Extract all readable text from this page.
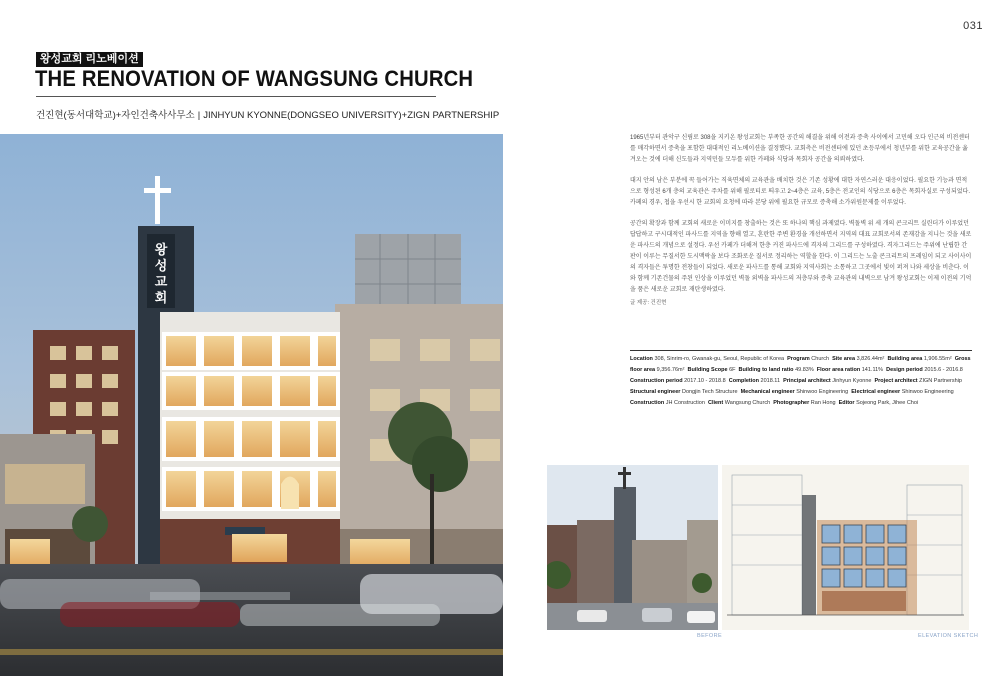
031
왕성교회 리노베이션
THE RENOVATION OF WANGSUNG CHURCH
건진현(동서대학교)+자인건축사사무소 | JINHYUN KYONNE(DONGSEO UNIVERSITY)+ZIGN PARTNERSHIP
왕
성
교
회

1965년부터 관악구 신림로 308을 지키온 왕성교회는 부족한 공간의 해결을 위해 이전과 증축 사이에서 고민해 오다 인근의 비전센터를 매각하면서 증축을 포함한 대대적인 리노베이션을 결정했다. 교회측은 비전센터에 있던 초등부에서 청년부를 위한 교육공간을 옮겨오는 것에 더해 신도들과 지역민들 모두를 위한 카페와 식당과 목회자 공간을 의뢰하였다.

대지 안의 남은 부분에 꼭 들어가는 직육면체의 교육관을 배치한 것은 기존 성황에 대한 자연스러운 대응이었다. 필요한 기능과 면적으로 형성된 6개 층의 교육관은 주차를 위해 필로티로 띄우고 2~4층은 교육, 5층은 전교인의 식당으로 6층은 목회자실로 구성되었다. 카페의 경우, 첩을 우선시 한 교회의 요청에 따라 본당 위에 필요한 규모로 증축해 소가위원문제를 이루었다.

공간의 확장과 함께 교회의 새로운 이미지를 창출하는 것은 또 하나의 핵심 과제였다. 벽돌벽 위 세 개의 콘크리트 실린더가 이루었던 답답하고 구시대적인 파사드를 지역을 향해 열고, 혼란한 주변 환경을 개선하면서 지역의 대표 교회로서의 존재감을 지니는 것을 새로운 파사드의 개념으로 설정다. 우선 카페가 더해져 한층 커진 파사드에 격자의 그리드를 구성하였다. 격자그리드는 주위에 난립한 간판이 이루는 무질서한 도시맥락을 보다 조화로운 질서로 정리하는 역할을 한다. 이 그리드는 노출 콘크리트의 프레임이 되고 사이사이의 격자들은 투명한 전창들이 되었다. 새로운 파사드를 통해 교회와 지역사회는 소통하고 그곳에서 빛이 퍼져 나와 세상을 비춘다. 이와 함께 기존건물의 주된 인상을 이루었던 벽돌 외벽을 파사드의 저층부와 증축 교육관의 내벽으로 남겨 왕성교회는 이제 이전의 기억을 품은 새로운 교회로 재탄생하였다.

글 제공: 건진현
Location 308, Sinrim-ro, Gwanak-gu, Seoul, Republic of Korea Program Church Site area 3,826.44m² Building area 1,906.55m² Gross floor area 9,356.76m² Building Scope 6F Building to land ratio 49.83% Floor area ration 141.11% Design period 2015.6 - 2016.8  Construction period 2017.10 - 2018.8 Completion 2018.11 Principal architect Jinhyun Kyonne Project architect ZIGN Partnership  Structural engineer Dongjin Tech Structure Mechanical engineer Shinwoo Engineering Electrical engineer Shinwoo Engineering  Construction JH Construction Client Wangsung Church Photographer Ran Hong Editor Sojeong Park, Jihee Choi
BEFORE	ELEVATION SKETCH
